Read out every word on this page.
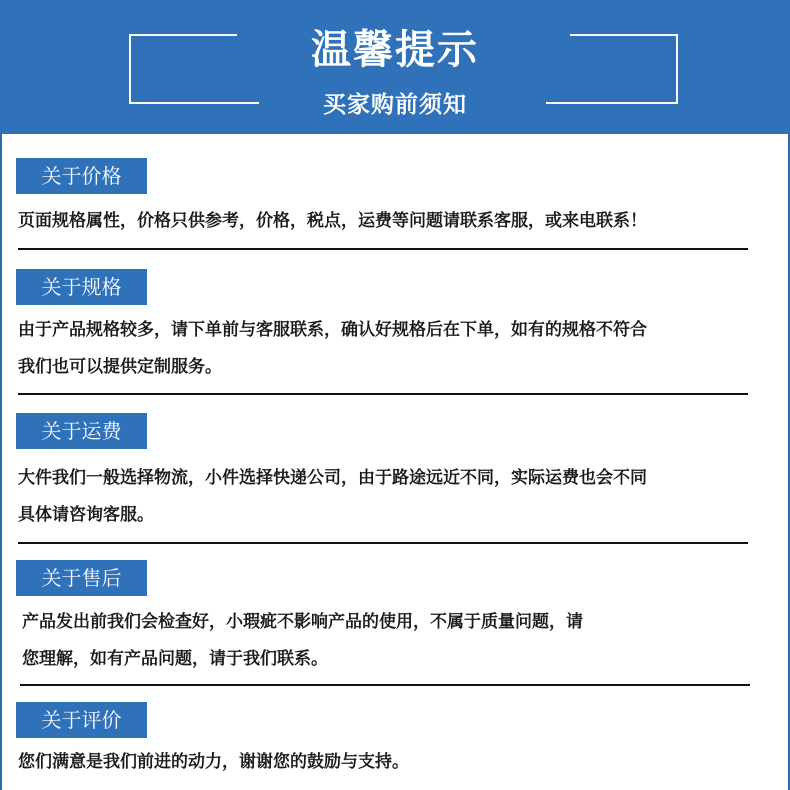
温馨提示
买家购前须知
关于价格
页面规格属性，价格只供参考，价格，税点，运费等问题请联系客服，或来电联系！
关于规格
由于产品规格较多，请下单前与客服联系，确认好规格后在下单，如有的规格不符合
我们也可以提供定制服务。
关于运费
大件我们一般选择物流，小件选择快递公司，由于路途远近不同，实际运费也会不同
具体请咨询客服。
关于售后
产品发出前我们会检查好，小瑕疵不影响产品的使用，不属于质量问题，请
您理解，如有产品问题，请于我们联系。
关于评价
您们满意是我们前进的动力，谢谢您的鼓励与支持。
